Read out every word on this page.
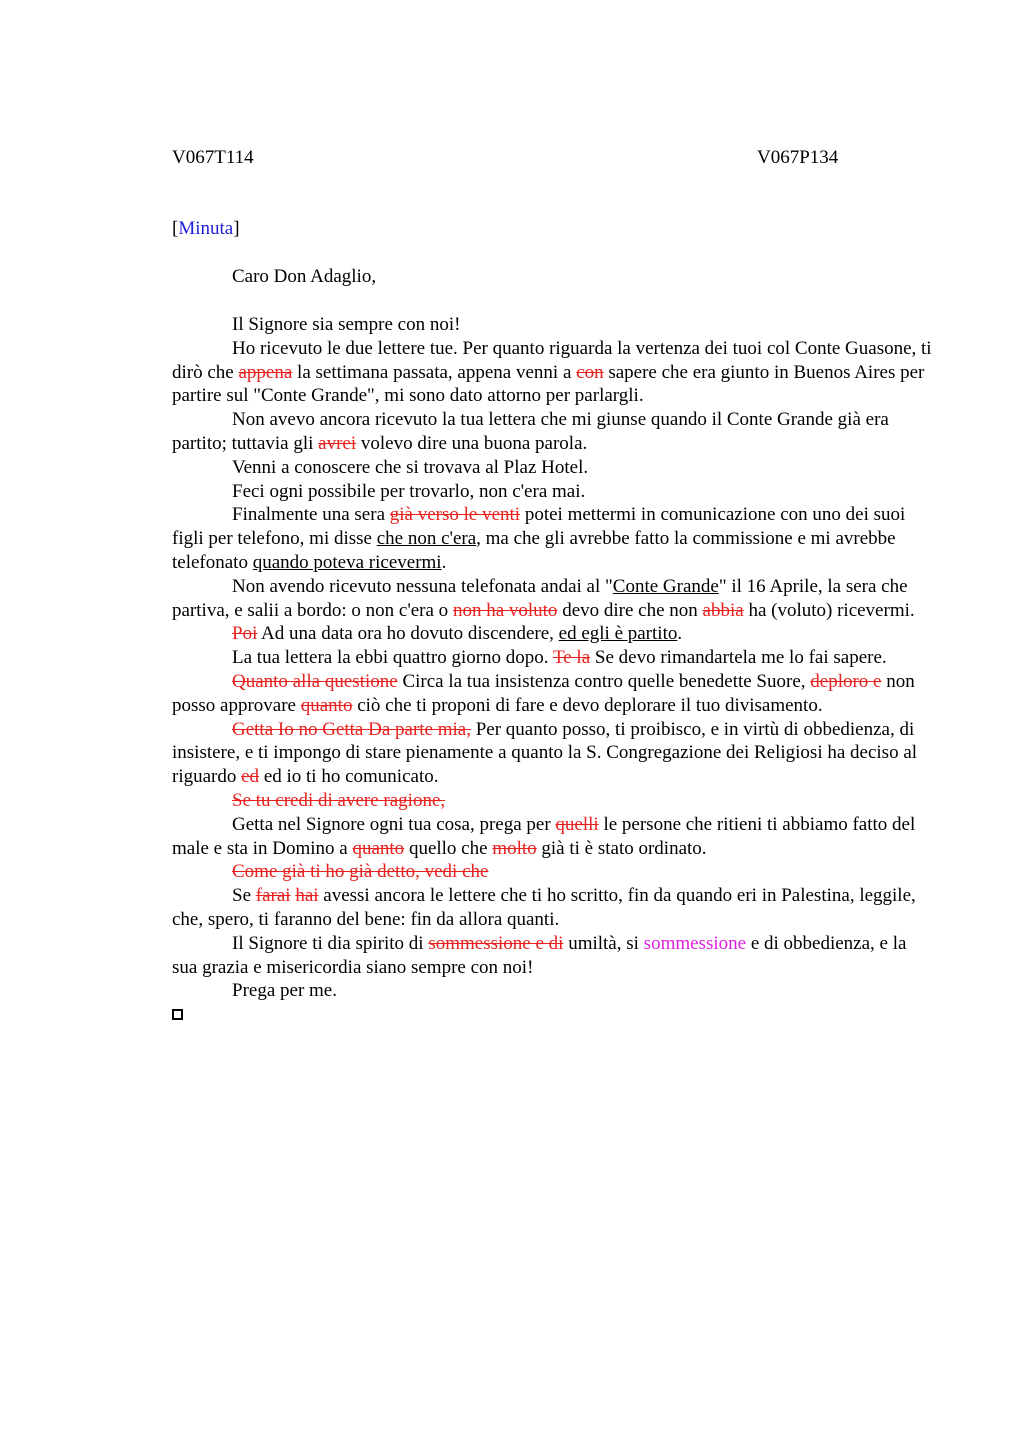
V067T114	V067P134
[Minuta]
Caro Don Adaglio,

Il Signore sia sempre con noi!

Ho ricevuto le due lettere tue. Per quanto riguarda la vertenza dei tuoi col Conte Guasone, ti dirò che appena la settimana passata, appena venni a con sapere che era giunto in Buenos Aires per partire sul "Conte Grande", mi sono dato attorno per parlargli.

Non avevo ancora ricevuto la tua lettera che mi giunse quando il Conte Grande già era partito; tuttavia gli avrei volevo dire una buona parola.

Venni a conoscere che si trovava al Plaz Hotel.

Feci ogni possibile per trovarlo, non c'era mai.

Finalmente una sera già verso le venti potei mettermi in comunicazione con uno dei suoi figli per telefono, mi disse che non c'era, ma che gli avrebbe fatto la commissione e mi avrebbe telefonato quando poteva ricevermi.

Non avendo ricevuto nessuna telefonata andai al "Conte Grande" il 16 Aprile, la sera che partiva, e salii a bordo: o non c'era o non ha voluto devo dire che non abbia ha (voluto) ricevermi.

Poi Ad una data ora ho dovuto discendere, ed egli è partito.

La tua lettera la ebbi quattro giorno dopo. Te la Se devo rimandartela me lo fai sapere.

Quanto alla questione Circa la tua insistenza contro quelle benedette Suore, deploro e non posso approvare quanto ciò che ti proponi di fare e devo deplorare il tuo divisamento.

Getta Io no Getta Da parte mia, Per quanto posso, ti proibisco, e in virtù di obbedienza, di insistere, e ti impongo di stare pienamente a quanto la S. Congregazione dei Religiosi ha deciso al riguardo ed ed io ti ho comunicato.

Se tu credi di avere ragione,

Getta nel Signore ogni tua cosa, prega per quelli le persone che ritieni ti abbiamo fatto del male e sta in Domino a quanto quello che molto già ti è stato ordinato.

Come già ti ho già detto, vedi che

Se farai hai avessi ancora le lettere che ti ho scritto, fin da quando eri in Palestina, leggile, che, spero, ti faranno del bene: fin da allora quanti.

Il Signore ti dia spirito di sommessione e di umiltà, si sommessione e di obbedienza, e la sua grazia e misericordia siano sempre con noi!

Prega per me.
